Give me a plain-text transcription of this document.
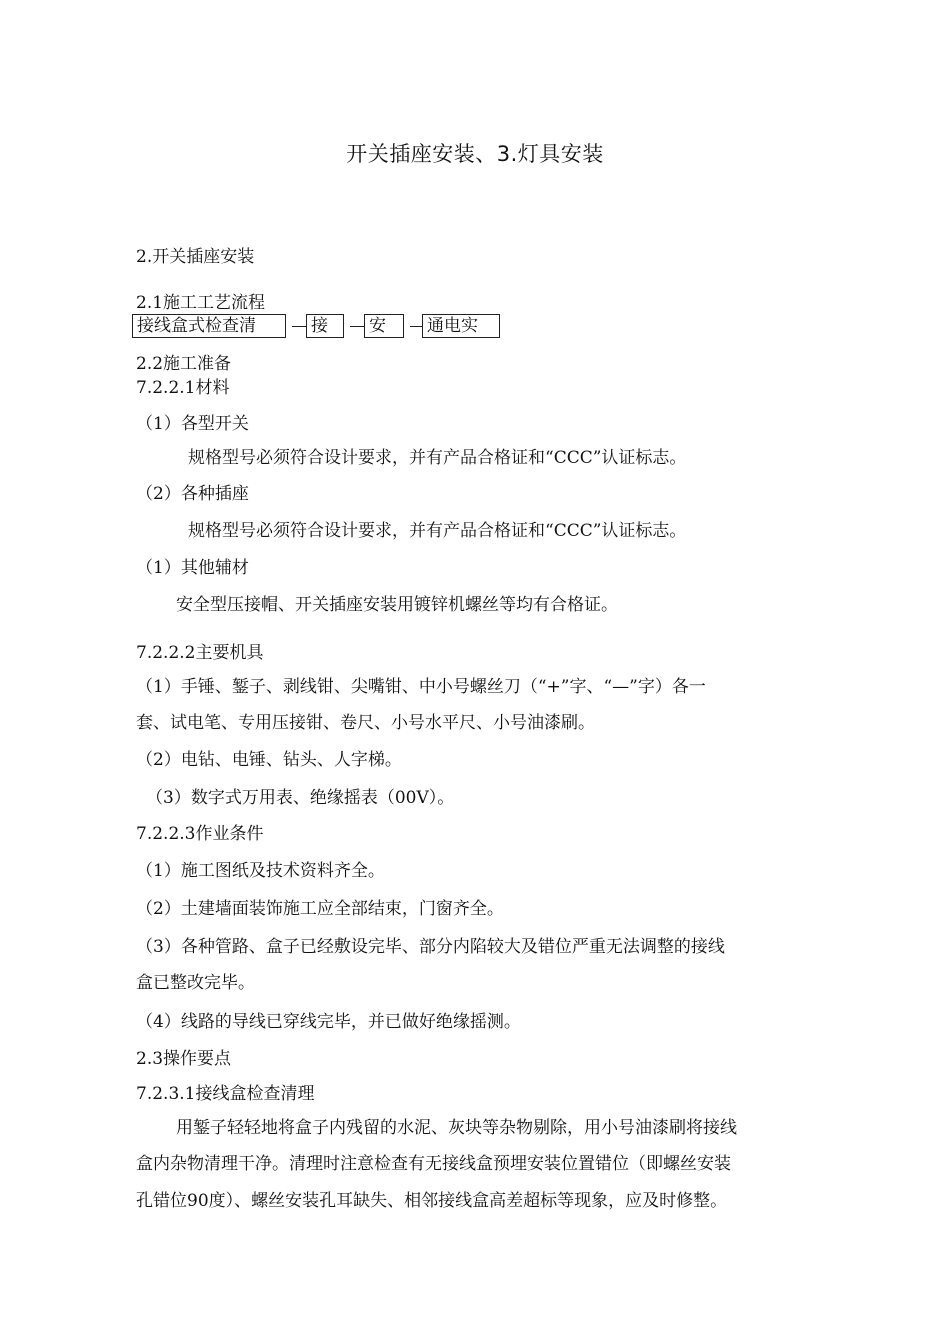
开关插座安装、3.灯具安装
2.开关插座安装
2.1施工工艺流程
接线盒式检查清	接	安	通电实
2.2施工准备
7.2.2.1材料
（1）各型开关
规格型号必须符合设计要求，并有产品合格证和“CCC”认证标志。
（2）各种插座
规格型号必须符合设计要求，并有产品合格证和“CCC”认证标志。
（1）其他辅材
安全型压接帽、开关插座安装用镀锌机螺丝等均有合格证。
7.2.2.2主要机具
（1）手锤、錾子、剥线钳、尖嘴钳、中小号螺丝刀（“+”字、“—”字）各一
套、试电笔、专用压接钳、卷尺、小号水平尺、小号油漆刷。
（2）电钻、电锤、钻头、人字梯。
（3）数字式万用表、绝缘摇表（00V）。
7.2.2.3作业条件
（1）施工图纸及技术资料齐全。
（2）土建墙面装饰施工应全部结束，门窗齐全。
（3）各种管路、盒子已经敷设完毕、部分内陷较大及错位严重无法调整的接线
盒已整改完毕。
（4）线路的导线已穿线完毕，并已做好绝缘摇测。
2.3操作要点
7.2.3.1接线盒检查清理
用錾子轻轻地将盒子内残留的水泥、灰块等杂物剔除，用小号油漆刷将接线
盒内杂物清理干净。清理时注意检查有无接线盒预埋安装位置错位（即螺丝安装
孔错位90度）、螺丝安装孔耳缺失、相邻接线盒高差超标等现象，应及时修整。
